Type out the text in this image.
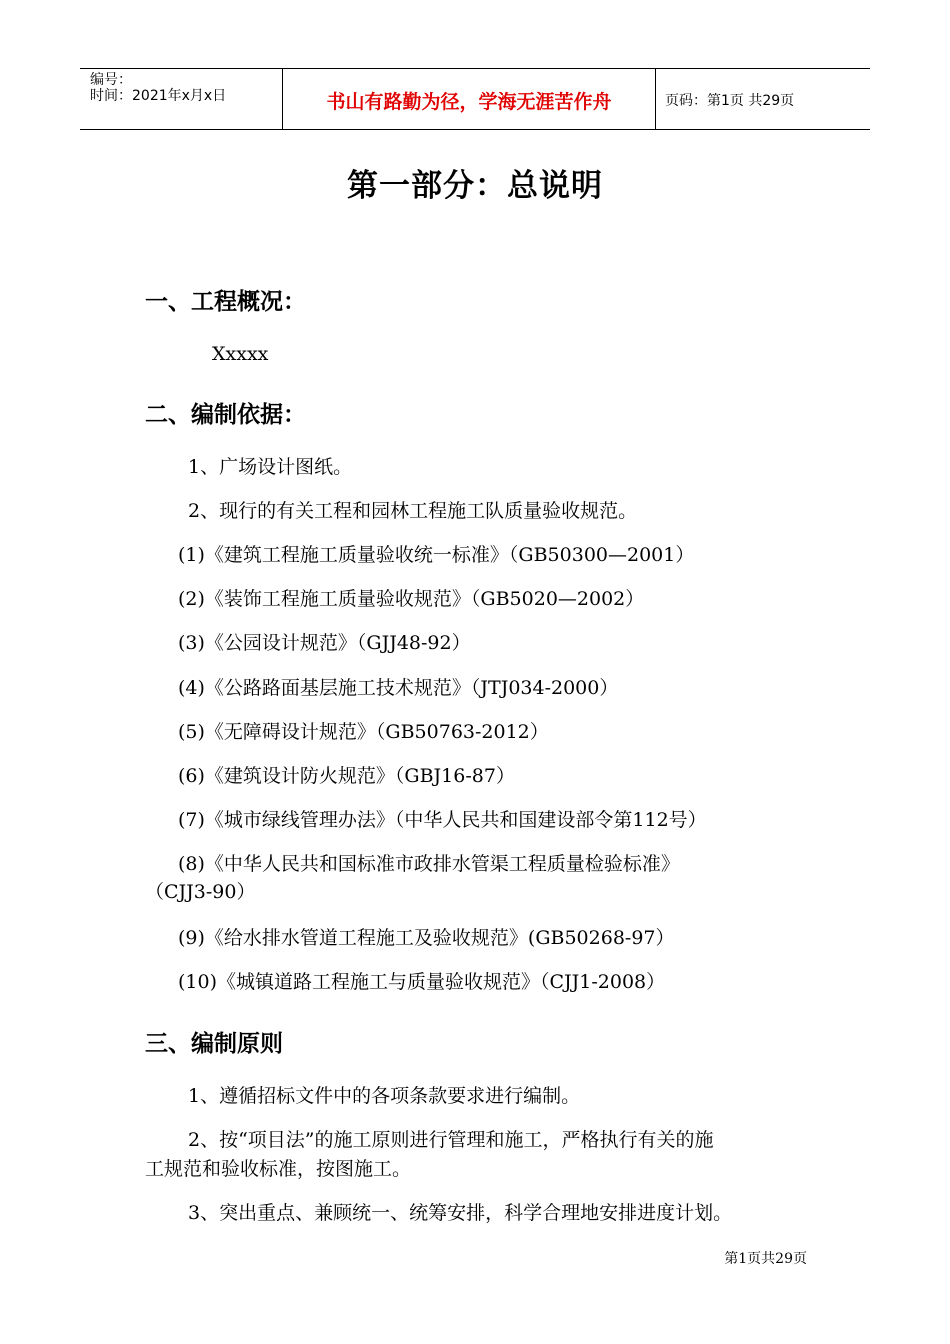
编号：
时间：2021年x月x日	书山有路勤为径，学海无涯苦作舟	页码：第1页 共29页
第一部分：总说明
一、工程概况：
Xxxxx
二、编制依据：
1、广场设计图纸。
2、现行的有关工程和园林工程施工队质量验收规范。
(1)《建筑工程施工质量验收统一标准》（GB50300—2001）
(2)《装饰工程施工质量验收规范》（GB5020—2002）
(3)《公园设计规范》（GJJ48-92）
(4)《公路路面基层施工技术规范》（JTJ034-2000）
(5)《无障碍设计规范》（GB50763-2012）
(6)《建筑设计防火规范》（GBJ16-87）
(7)《城市绿线管理办法》（中华人民共和国建设部令第112号）
(8)《中华人民共和国标准市政排水管渠工程质量检验标准》
（CJJ3-90）
(9)《给水排水管道工程施工及验收规范》(GB50268-97）
(10)《城镇道路工程施工与质量验收规范》（CJJ1-2008）
三、编制原则
1、遵循招标文件中的各项条款要求进行编制。
2、按“项目法”的施工原则进行管理和施工，严格执行有关的施
工规范和验收标准，按图施工。
3、突出重点、兼顾统一、统筹安排，科学合理地安排进度计划。
第1页共29页
